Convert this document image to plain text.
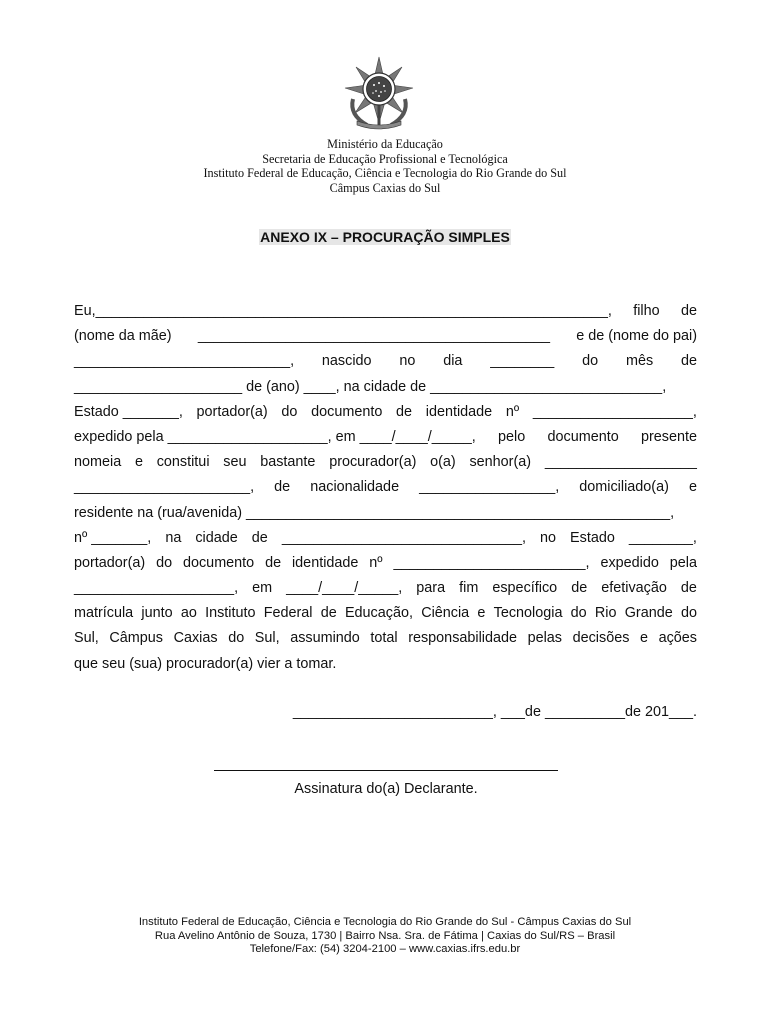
Ministério da Educação
Secretaria de Educação Profissional e Tecnológica
Instituto Federal de Educação, Ciência e Tecnologia do Rio Grande do Sul
Câmpus Caxias do Sul
ANEXO IX – PROCURAÇÃO SIMPLES
Eu,________________________________________________________________, filho de
(nome da mãe) ____________________________________________ e de (nome do pai)
___________________________, nascido no dia ________ do mês de
_____________________ de (ano) ____, na cidade de _____________________________,
Estado _______, portador(a) do documento de identidade nº ____________________,
expedido pela ____________________, em ____/____/_____, pelo documento presente
nomeia e constitui seu bastante procurador(a) o(a) senhor(a) ___________________
______________________, de nacionalidade _________________, domiciliado(a) e
residente na (rua/avenida) _____________________________________________________,
nº _______, na cidade de ______________________________, no Estado ________,
portador(a) do documento de identidade nº ________________________, expedido pela
____________________, em ____/____/_____, para fim específico de efetivação de
matrícula junto ao Instituto Federal de Educação, Ciência e Tecnologia do Rio Grande do
Sul, Câmpus Caxias do Sul, assumindo total responsabilidade pelas decisões e ações
que seu (sua) procurador(a) vier a tomar.
_________________________, ___de __________de 201___.
Assinatura do(a) Declarante.
Instituto Federal de Educação, Ciência e Tecnologia do Rio Grande do Sul - Câmpus Caxias do Sul
Rua Avelino Antônio de Souza, 1730 | Bairro Nsa. Sra. de Fátima | Caxias do Sul/RS – Brasil
Telefone/Fax: (54) 3204-2100 – www.caxias.ifrs.edu.br
